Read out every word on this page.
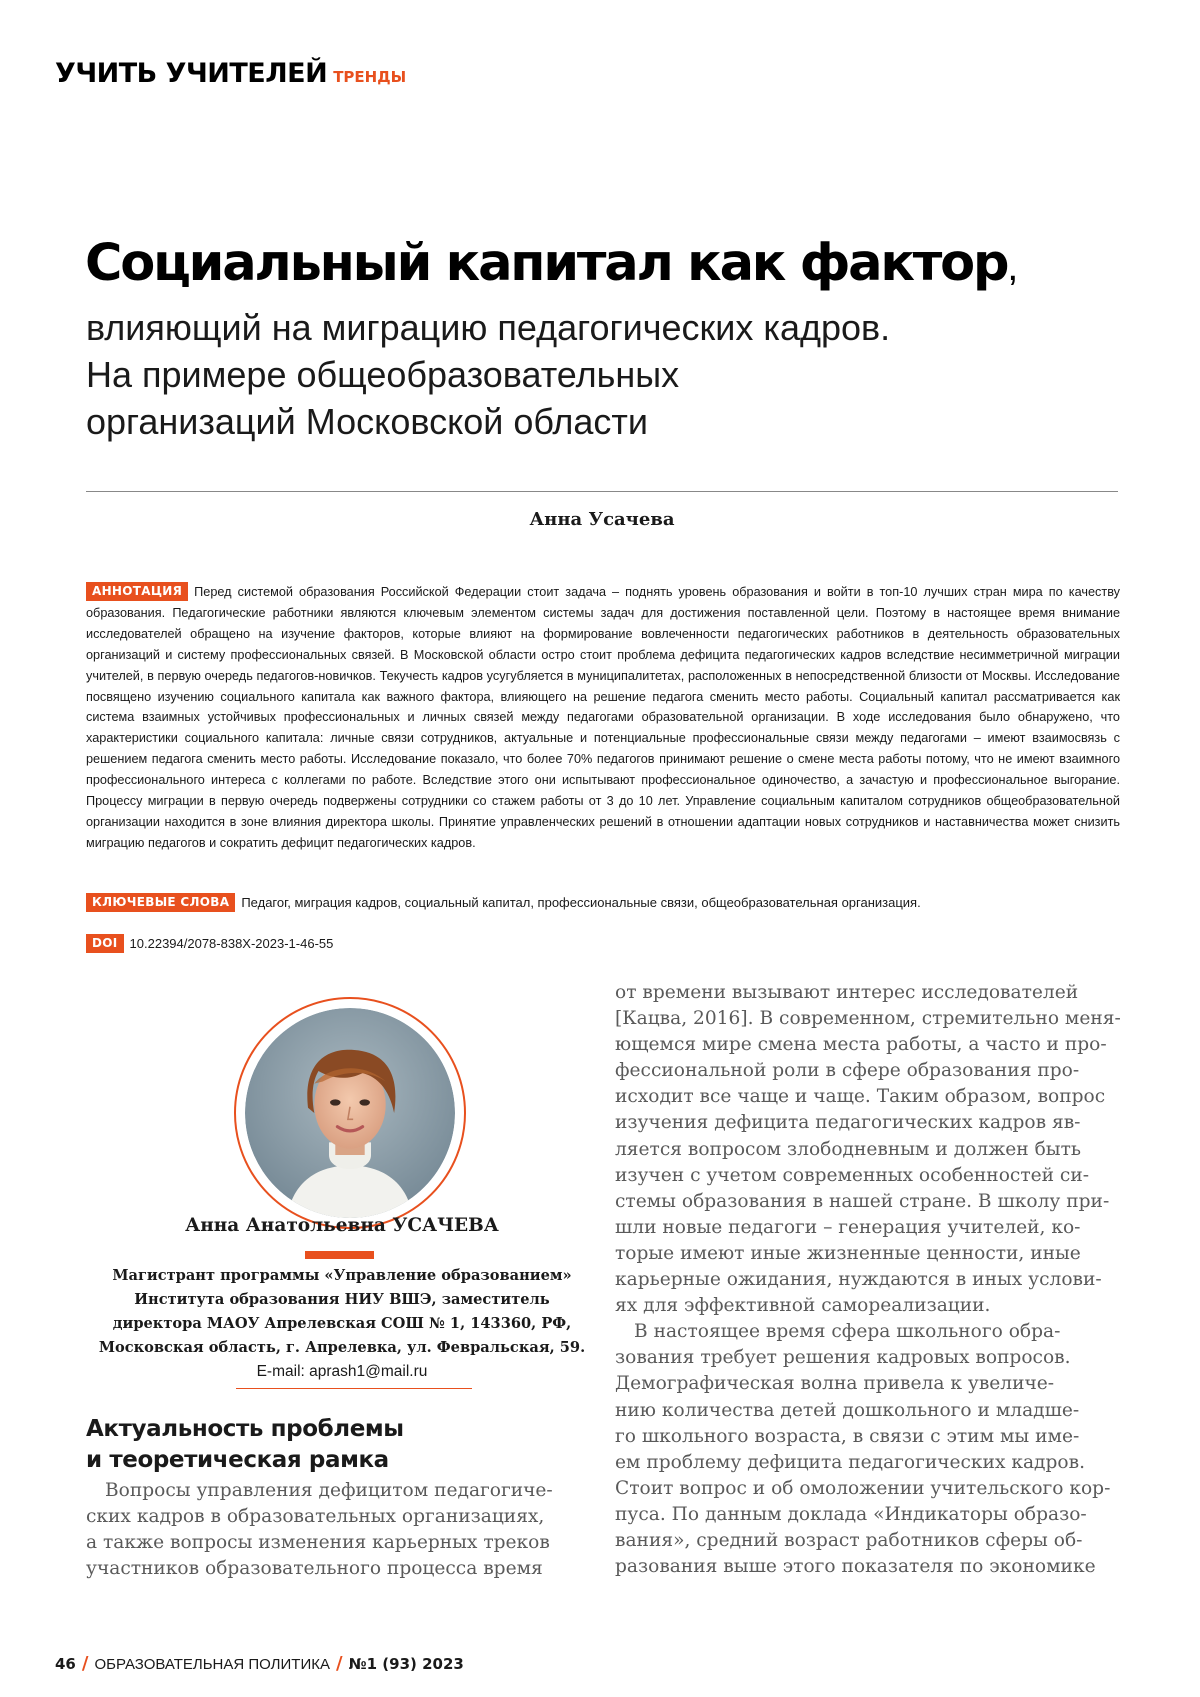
УЧИТЬ УЧИТЕЛЕЙ ТРЕНДЫ
Социальный капитал как фактор,
влияющий на миграцию педагогических кадров.
На примере общеобразовательных
организаций Московской области
Анна Усачева
АННОТАЦИЯ Перед системой образования Российской Федерации стоит задача – поднять уровень образования и войти в топ-10 лучших стран мира по качеству образования. Педагогические работники являются ключевым элементом системы задач для достижения поставленной цели. Поэтому в настоящее время внимание исследователей обращено на изучение факторов, которые влияют на формирование вовлеченности педагогических работников в деятельность образовательных организаций и систему профессиональных связей. В Московской области остро стоит проблема дефицита педагогических кадров вследствие несимметричной миграции учителей, в первую очередь педагогов-новичков. Текучесть кадров усугубляется в муниципалитетах, расположенных в непосредственной близости от Москвы. Исследование посвящено изучению социального капитала как важного фактора, влияющего на решение педагога сменить место работы. Социальный капитал рассматривается как система взаимных устойчивых профессиональных и личных связей между педагогами образовательной организации. В ходе исследования было обнаружено, что характеристики социального капитала: личные связи сотрудников, актуальные и потенциальные профессиональные связи между педагогами – имеют взаимосвязь с решением педагога сменить место работы. Исследование показало, что более 70% педагогов принимают решение о смене места работы потому, что не имеют взаимного профессионального интереса с коллегами по работе. Вследствие этого они испытывают профессиональное одиночество, а зачастую и профессиональное выгорание. Процессу миграции в первую очередь подвержены сотрудники со стажем работы от 3 до 10 лет. Управление социальным капиталом сотрудников общеобразовательной организации находится в зоне влияния директора школы. Принятие управленческих решений в отношении адаптации новых сотрудников и наставничества может снизить миграцию педагогов и сократить дефицит педагогических кадров.
КЛЮЧЕВЫЕ СЛОВА Педагог, миграция кадров, социальный капитал, профессиональные связи, общеобразовательная организация.
DOI 10.22394/2078-838X-2023-1-46-55
Анна Анатольевна УСАЧЕВА
Магистрант программы «Управление образованием»
Института образования НИУ ВШЭ, заместитель
директора МАОУ Апрелевская СОШ № 1, 143360, РФ,
Московская область, г. Апрелевка, ул. Февральская, 59.
E-mail: aprash1@mail.ru
Актуальность проблемы
и теоретическая рамка

Вопросы управления дефицитом педагогиче-
ских кадров в образовательных организациях,
а также вопросы изменения карьерных треков
участников образовательного процесса время

от времени вызывают интерес исследователей
[Кацва, 2016]. В современном, стремительно меня-
ющемся мире смена места работы, а часто и про-
фессиональной роли в сфере образования про-
исходит все чаще и чаще. Таким образом, вопрос
изучения дефицита педагогических кадров яв-
ляется вопросом злободневным и должен быть
изучен с учетом современных особенностей си-
стемы образования в нашей стране. В школу при-
шли новые педагоги – генерация учителей, ко-
торые имеют иные жизненные ценности, иные
карьерные ожидания, нуждаются в иных услови-
ях для эффективной самореализации.

В настоящее время сфера школьного обра-
зования требует решения кадровых вопросов.
Демографическая волна привела к увеличе-
нию количества детей дошкольного и младше-
го школьного возраста, в связи с этим мы име-
ем проблему дефицита педагогических кадров.
Стоит вопрос и об омоложении учительского кор-
пуса. По данным доклада «Индикаторы образо-
вания», средний возраст работников сферы об-
разования выше этого показателя по экономике

46 / ОБРАЗОВАТЕЛЬНАЯ ПОЛИТИКА / №1 (93) 2023
